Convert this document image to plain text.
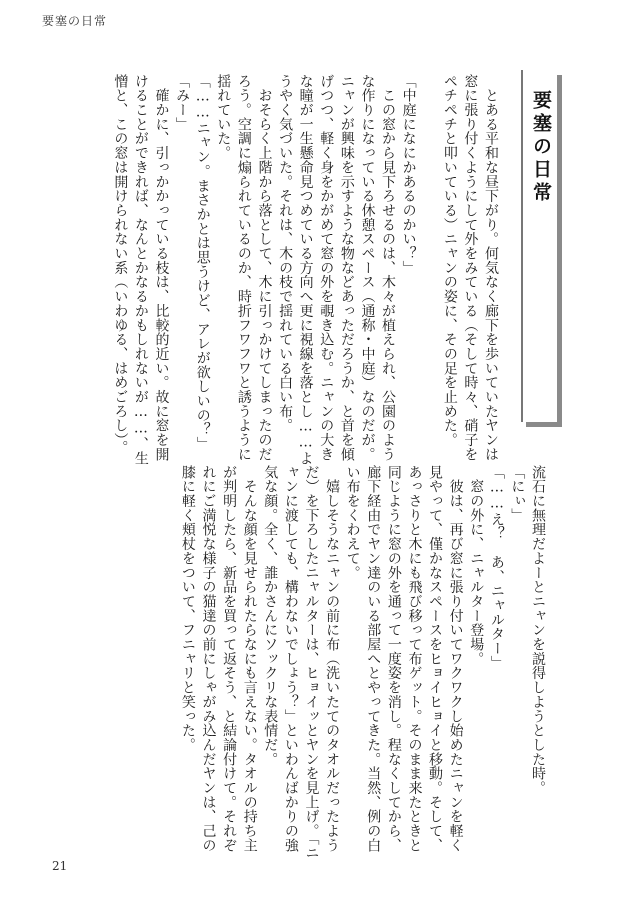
要塞の日常
要塞の日常
　とある平和な昼下がり。何気なく廊下を歩いていたヤンは
窓に張り付くようにして外をみている（そして時々、硝子を
ペチペチと叩いている）ニャンの姿に、その足を止めた。

「中庭になにかあるのかい？」
　この窓から見下ろせるのは、木々が植えられ、公園のよう
な作りになっている休憩スペース（通称・中庭）なのだが。
ニャンが興味を示すような物などあっただろうか、と首を傾
げつつ、軽く身をかがめて窓の外を覗き込む。ニャンの大き
な瞳が一生懸命見つめている方向へ更に視線を落とし……よ
うやく気づいた。それは、木の枝で揺れている白い布。
　おそらく上階から落として、木に引っかけてしまったのだ
ろう。空調に煽られているのか、時折フワフワと誘うように
揺れていた。
「……ニャン。まさかとは思うけど、アレが欲しいの？」
「みー」
　確かに、引っかかっている枝は、比較的近い。故に窓を開
けることができれば、なんとかなるかもしれないが……、生
憎と、この窓は開けられない系（いわゆる、はめごろし）。
流石に無理だよーとニャンを説得しようとした時。
「にぃ」
「……え？　あ、ニャルター」
　窓の外に、ニャルター登場。
　彼は、再び窓に張り付いてワクワクし始めたニャンを軽く
見やって、僅かなスペースをヒョイヒョイと移動。そして、
あっさりと木にも飛び移って布ゲット。そのまま来たときと
同じように窓の外を通って一度姿を消し。程なくしてから、
廊下経由でヤン達のいる部屋へとやってきた。当然、例の白
い布をくわえて。
　嬉しそうなニャンの前に布（洗いたてのタオルだったよう
だ）を下ろしたニャルターは、ヒョイッとヤンを見上げ。「ニ
ャンに渡しても、構わないでしょう？」といわんばかりの強
気な顔。全く、誰かさんにソックリな表情だ。
　そんな顔を見せられたらなにも言えない。タオルの持ち主
が判明したら、新品を買って返そう、と結論付けて。それぞ
れにご満悦な様子の猫達の前にしゃがみ込んだヤンは、己の
膝に軽く頬杖をついて、フニャリと笑った。
21
